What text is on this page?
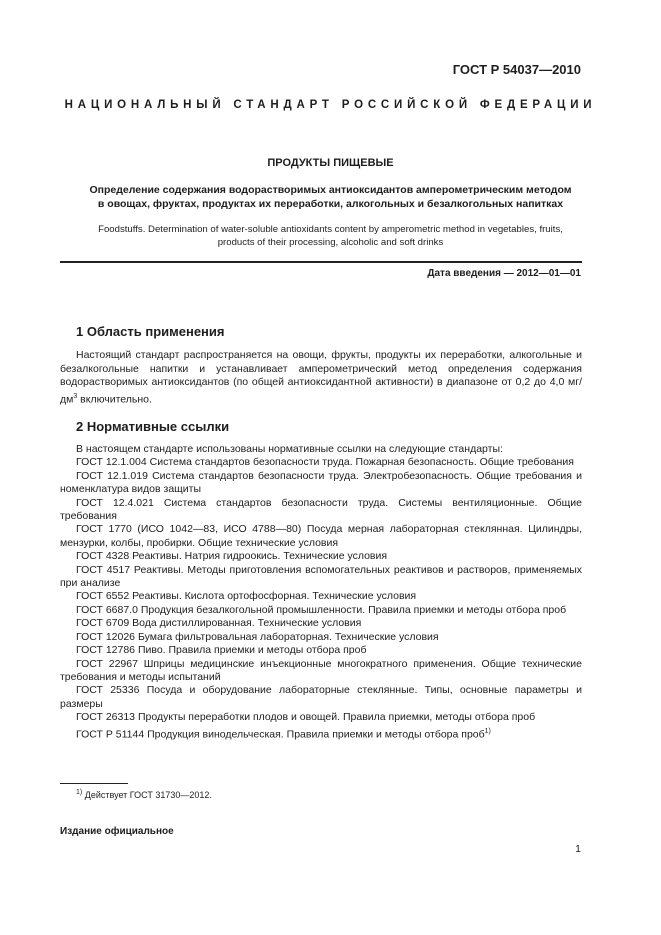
ГОСТ Р 54037—2010
НАЦИОНАЛЬНЫЙ СТАНДАРТ РОССИЙСКОЙ ФЕДЕРАЦИИ
ПРОДУКТЫ ПИЩЕВЫЕ
Определение содержания водорастворимых антиоксидантов амперометрическим методом
в овощах, фруктах, продуктах их переработки, алкогольных и безалкогольных напитках
Foodstuffs. Determination of water-soluble antioxidants content by amperometric method in vegetables, fruits,
products of their processing, alcoholic and soft drinks
Дата введения — 2012—01—01
1 Область применения

Настоящий стандарт распространяется на овощи, фрукты, продукты их переработки, алкогольные и безалкогольные напитки и устанавливает амперометрический метод определения содержания водорастворимых антиоксидантов (по общей антиоксидантной активности) в диапазоне от 0,2 до 4,0 $мг/дм^3$ включительно.

2 Нормативные ссылки

В настоящем стандарте использованы нормативные ссылки на следующие стандарты:

ГОСТ 12.1.004 Система стандартов безопасности труда. Пожарная безопасность. Общие требования

ГОСТ 12.1.019 Система стандартов безопасности труда. Электробезопасность. Общие требования и номенклатура видов защиты

ГОСТ 12.4.021 Система стандартов безопасности труда. Системы вентиляционные. Общие требования

ГОСТ 1770 (ИСО 1042—83, ИСО 4788—80) Посуда мерная лабораторная стеклянная. Цилиндры, мензурки, колбы, пробирки. Общие технические условия

ГОСТ 4328 Реактивы. Натрия гидроокись. Технические условия

ГОСТ 4517 Реактивы. Методы приготовления вспомогательных реактивов и растворов, применяемых при анализе

ГОСТ 6552 Реактивы. Кислота ортофосфорная. Технические условия

ГОСТ 6687.0 Продукция безалкогольной промышленности. Правила приемки и методы отбора проб

ГОСТ 6709 Вода дистиллированная. Технические условия

ГОСТ 12026 Бумага фильтровальная лабораторная. Технические условия

ГОСТ 12786 Пиво. Правила приемки и методы отбора проб

ГОСТ 22967 Шприцы медицинские инъекционные многократного применения. Общие технические требования и методы испытаний

ГОСТ 25336 Посуда и оборудование лабораторные стеклянные. Типы, основные параметры и размеры

ГОСТ 26313 Продукты переработки плодов и овощей. Правила приемки, методы отбора проб

ГОСТ Р 51144 Продукция винодельческая. Правила приемки и методы отбора проб$^{1)}$

$^{1)}$ Действует ГОСТ 31730—2012.
Издание официальное
1
